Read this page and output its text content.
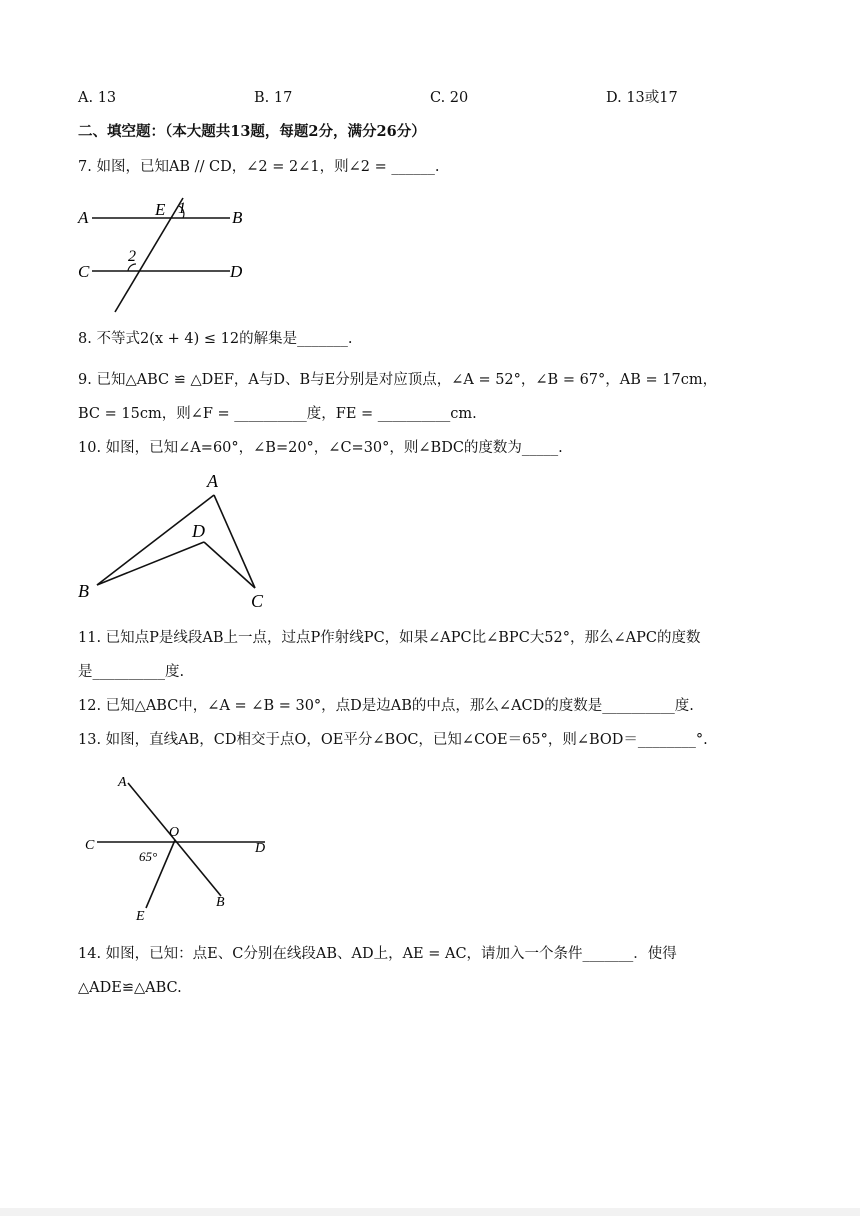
A. 13	B. 17	C. 20	D. 13或17
二、填空题：（本大题共13题，每题2分，满分26分）
7. 如图，已知AB // CD，∠2 = 2∠1，则∠2 = ______.
A	E 1	B
2
C	D
8. 不等式2(x + 4) ≤ 12的解集是_______.
9. 已知△ABC ≌ △DEF，A与D、B与E分别是对应顶点，∠A = 52°，∠B = 67°，AB = 17cm，
BC = 15cm，则∠F = __________度，FE = __________cm.
10. 如图，已知∠A=60°，∠B=20°，∠C=30°，则∠BDC的度数为_____.
A
D
B	C
11. 已知点P是线段AB上一点，过点P作射线PC，如果∠APC比∠BPC大52°，那么∠APC的度数
是__________度.
12. 已知△ABC中，∠A = ∠B = 30°，点D是边AB的中点，那么∠ACD的度数是__________度.
13. 如图，直线AB，CD相交于点O，OE平分∠BOC，已知∠COE＝65°，则∠BOD＝________°.
A
O
C	D
65°
E
B
14. 如图，已知：点E、C分别在线段AB、AD上，AE = AC，请加入一个条件_______．使得
△ADE≌△ABC.
